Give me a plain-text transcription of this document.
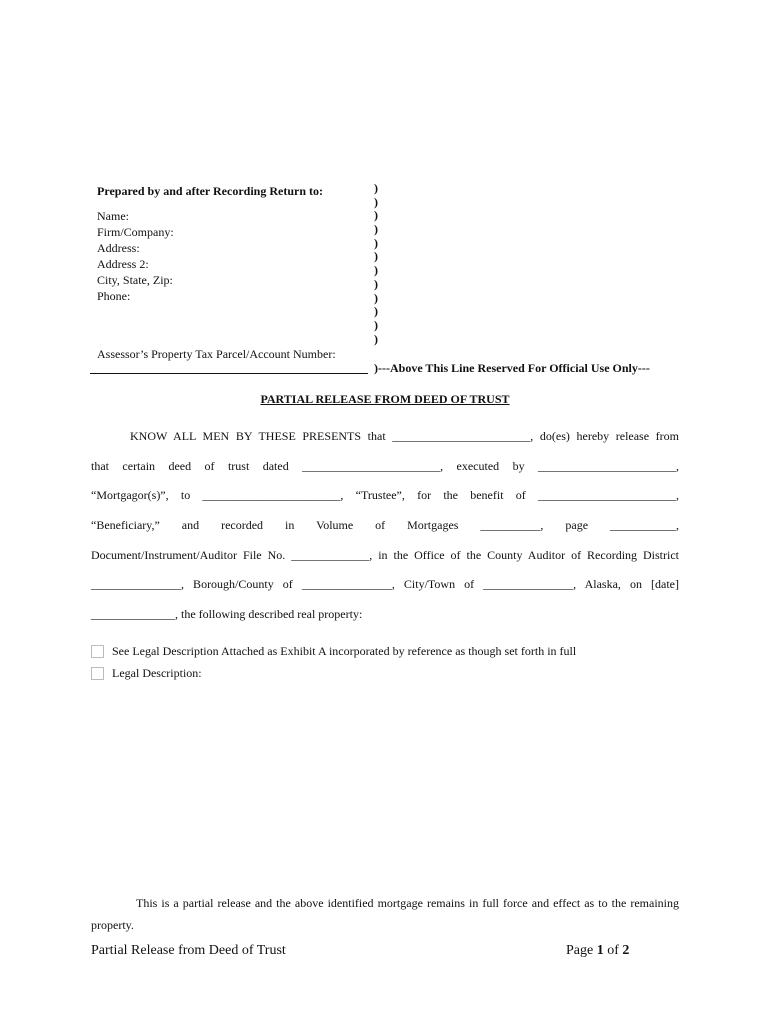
Prepared by and after Recording Return to:
Name:
Firm/Company:
Address:
Address 2:
City, State, Zip:
Phone:
Assessor’s Property Tax Parcel/Account Number:
)
)
)
)
)
)
)
)
)
)
)
)
)---Above This Line Reserved For Official Use Only---
PARTIAL RELEASE FROM DEED OF TRUST
KNOW ALL MEN BY THESE PRESENTS that _______________________, do(es) hereby release from
that certain deed of trust dated _______________________, executed by _______________________,
“Mortgagor(s)”, to _______________________, “Trustee”, for the benefit of _______________________,
“Beneficiary,” and recorded in Volume of Mortgages __________, page ___________,
Document/Instrument/Auditor File No. _____________, in the Office of the County Auditor of Recording District
_______________, Borough/County of _______________, City/Town of _______________, Alaska, on [date]
______________, the following described real property:
See Legal Description Attached as Exhibit A incorporated by reference as though set forth in full
Legal Description:
This is a partial release and the above identified mortgage remains in full force and effect as to the remaining property.
Partial Release from Deed of Trust	Page 1 of 2
